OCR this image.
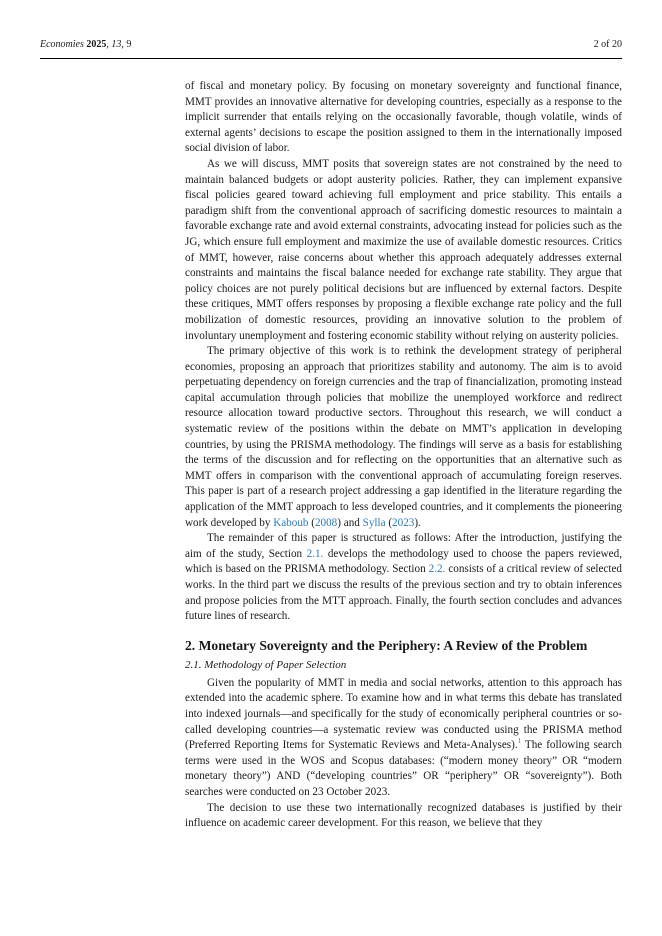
Economies 2025, 13, 9	2 of 20

of fiscal and monetary policy. By focusing on monetary sovereignty and functional finance, MMT provides an innovative alternative for developing countries, especially as a response to the implicit surrender that entails relying on the occasionally favorable, though volatile, winds of external agents’ decisions to escape the position assigned to them in the internationally imposed social division of labor.

As we will discuss, MMT posits that sovereign states are not constrained by the need to maintain balanced budgets or adopt austerity policies. Rather, they can implement expansive fiscal policies geared toward achieving full employment and price stability. This entails a paradigm shift from the conventional approach of sacrificing domestic resources to maintain a favorable exchange rate and avoid external constraints, advocating instead for policies such as the JG, which ensure full employment and maximize the use of available domestic resources. Critics of MMT, however, raise concerns about whether this approach adequately addresses external constraints and maintains the fiscal balance needed for exchange rate stability. They argue that policy choices are not purely political decisions but are influenced by external factors. Despite these critiques, MMT offers responses by proposing a flexible exchange rate policy and the full mobilization of domestic resources, providing an innovative solution to the problem of involuntary unemployment and fostering economic stability without relying on austerity policies.

The primary objective of this work is to rethink the development strategy of peripheral economies, proposing an approach that prioritizes stability and autonomy. The aim is to avoid perpetuating dependency on foreign currencies and the trap of financialization, promoting instead capital accumulation through policies that mobilize the unemployed workforce and redirect resource allocation toward productive sectors. Throughout this research, we will conduct a systematic review of the positions within the debate on MMT’s application in developing countries, by using the PRISMA methodology. The findings will serve as a basis for establishing the terms of the discussion and for reflecting on the opportunities that an alternative such as MMT offers in comparison with the conventional approach of accumulating foreign reserves. This paper is part of a research project addressing a gap identified in the literature regarding the application of the MMT approach to less developed countries, and it complements the pioneering work developed by Kaboub (2008) and Sylla (2023).

The remainder of this paper is structured as follows: After the introduction, justifying the aim of the study, Section 2.1. develops the methodology used to choose the papers reviewed, which is based on the PRISMA methodology. Section 2.2. consists of a critical review of selected works. In the third part we discuss the results of the previous section and try to obtain inferences and propose policies from the MTT approach. Finally, the fourth section concludes and advances future lines of research.

2. Monetary Sovereignty and the Periphery: A Review of the Problem
2.1. Methodology of Paper Selection

Given the popularity of MMT in media and social networks, attention to this approach has extended into the academic sphere. To examine how and in what terms this debate has translated into indexed journals—and specifically for the study of economically peripheral countries or so-called developing countries—a systematic review was conducted using the PRISMA method (Preferred Reporting Items for Systematic Reviews and Meta-Analyses).$^1$ The following search terms were used in the WOS and Scopus databases: (“modern money theory” OR “modern monetary theory”) AND (“developing countries” OR “periphery” OR “sovereignty”). Both searches were conducted on 23 October 2023.

The decision to use these two internationally recognized databases is justified by their influence on academic career development. For this reason, we believe that they
